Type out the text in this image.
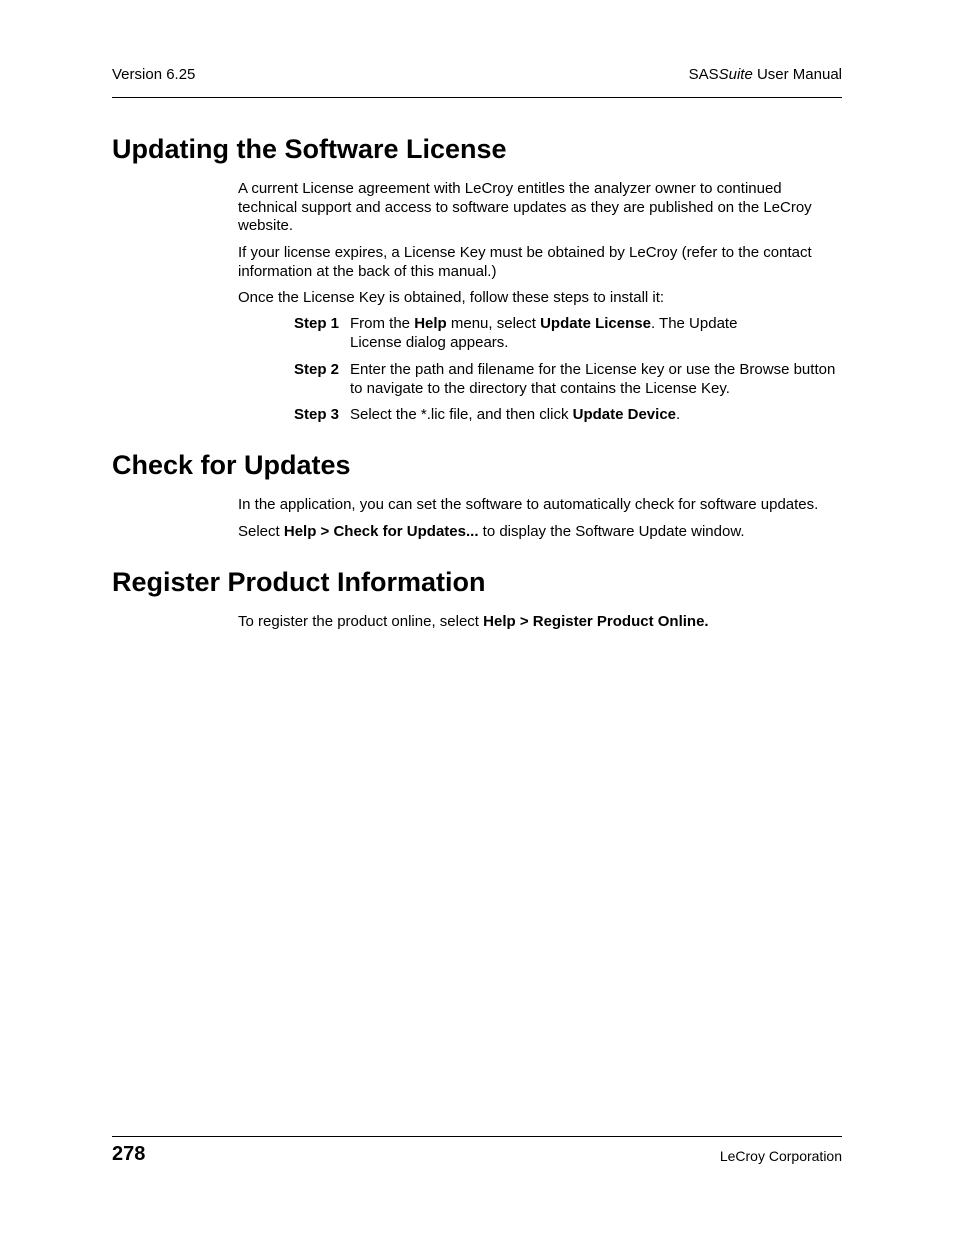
Version 6.25	SASSuite User Manual
Updating the Software License

A current License agreement with LeCroy entitles the analyzer owner to continued technical support and access to software updates as they are published on the LeCroy website.

If your license expires, a License Key must be obtained by LeCroy (refer to the contact information at the back of this manual.)

Once the License Key is obtained, follow these steps to install it:

Step 1 From the Help menu, select Update License. The Update License dialog appears.
Step 2 Enter the path and filename for the License key or use the Browse button to navigate to the directory that contains the License Key.
Step 3 Select the *.lic file, and then click Update Device.
Check for Updates

In the application, you can set the software to automatically check for software updates.

Select Help > Check for Updates... to display the Software Update window.

Register Product Information

To register the product online, select Help > Register Product Online.

278	LeCroy Corporation
